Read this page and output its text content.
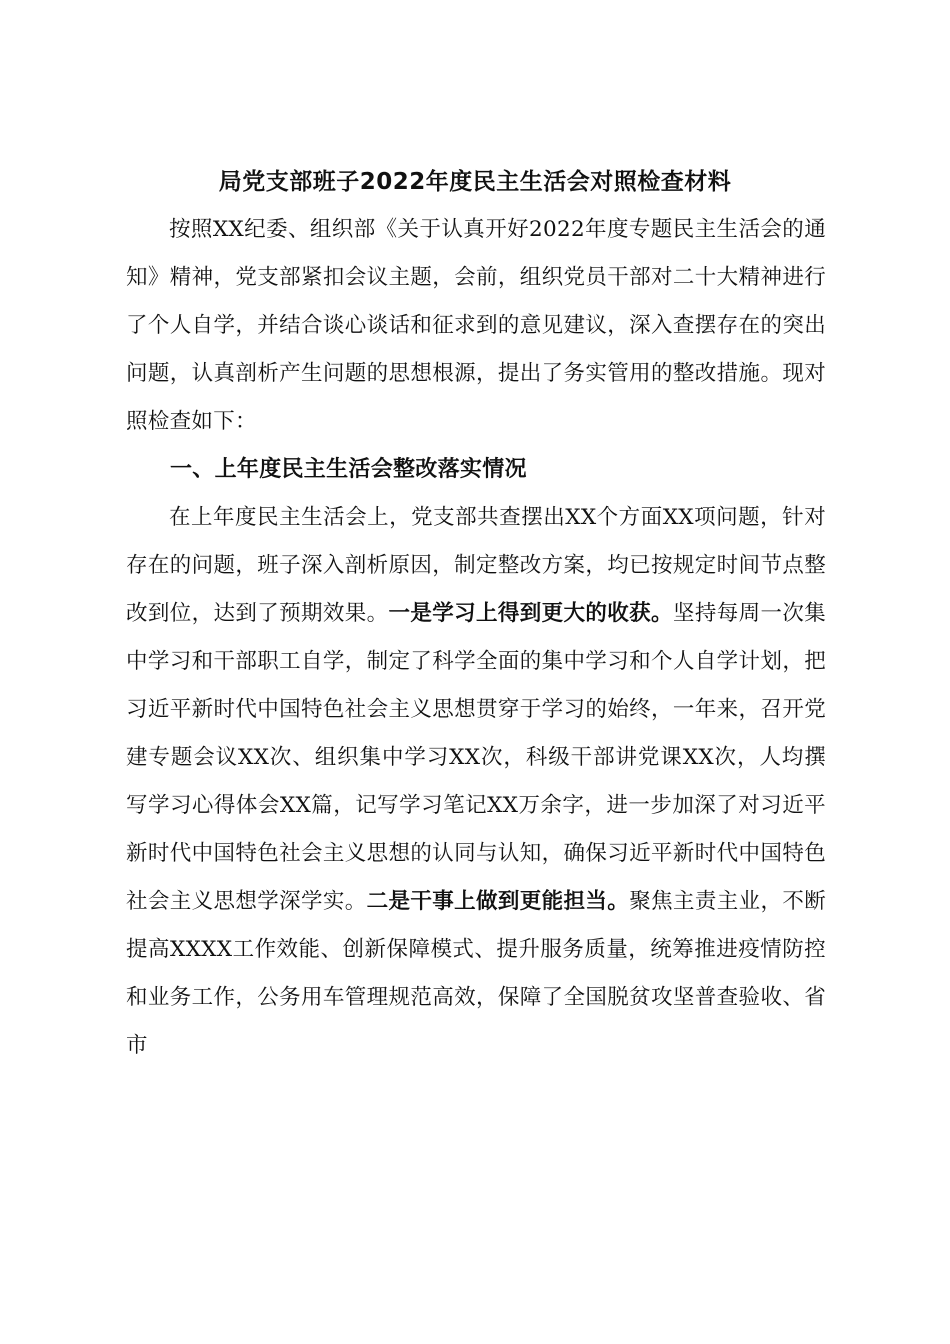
局党支部班子2022年度民主生活会对照检查材料

按照XX纪委、组织部《关于认真开好2022年度专题民主生活会的通知》精神，党支部紧扣会议主题，会前，组织党员干部对二十大精神进行了个人自学，并结合谈心谈话和征求到的意见建议，深入查摆存在的突出问题，认真剖析产生问题的思想根源，提出了务实管用的整改措施。现对照检查如下：

一、上年度民主生活会整改落实情况

在上年度民主生活会上，党支部共查摆出XX个方面XX项问题，针对存在的问题，班子深入剖析原因，制定整改方案，均已按规定时间节点整改到位，达到了预期效果。一是学习上得到更大的收获。坚持每周一次集中学习和干部职工自学，制定了科学全面的集中学习和个人自学计划，把习近平新时代中国特色社会主义思想贯穿于学习的始终，一年来，召开党建专题会议XX次、组织集中学习XX次，科级干部讲党课XX次，人均撰写学习心得体会XX篇，记写学习笔记XX万余字，进一步加深了对习近平新时代中国特色社会主义思想的认同与认知，确保习近平新时代中国特色社会主义思想学深学实。二是干事上做到更能担当。聚焦主责主业，不断提高XXXX工作效能、创新保障模式、提升服务质量，统筹推进疫情防控和业务工作，公务用车管理规范高效，保障了全国脱贫攻坚普查验收、省市
